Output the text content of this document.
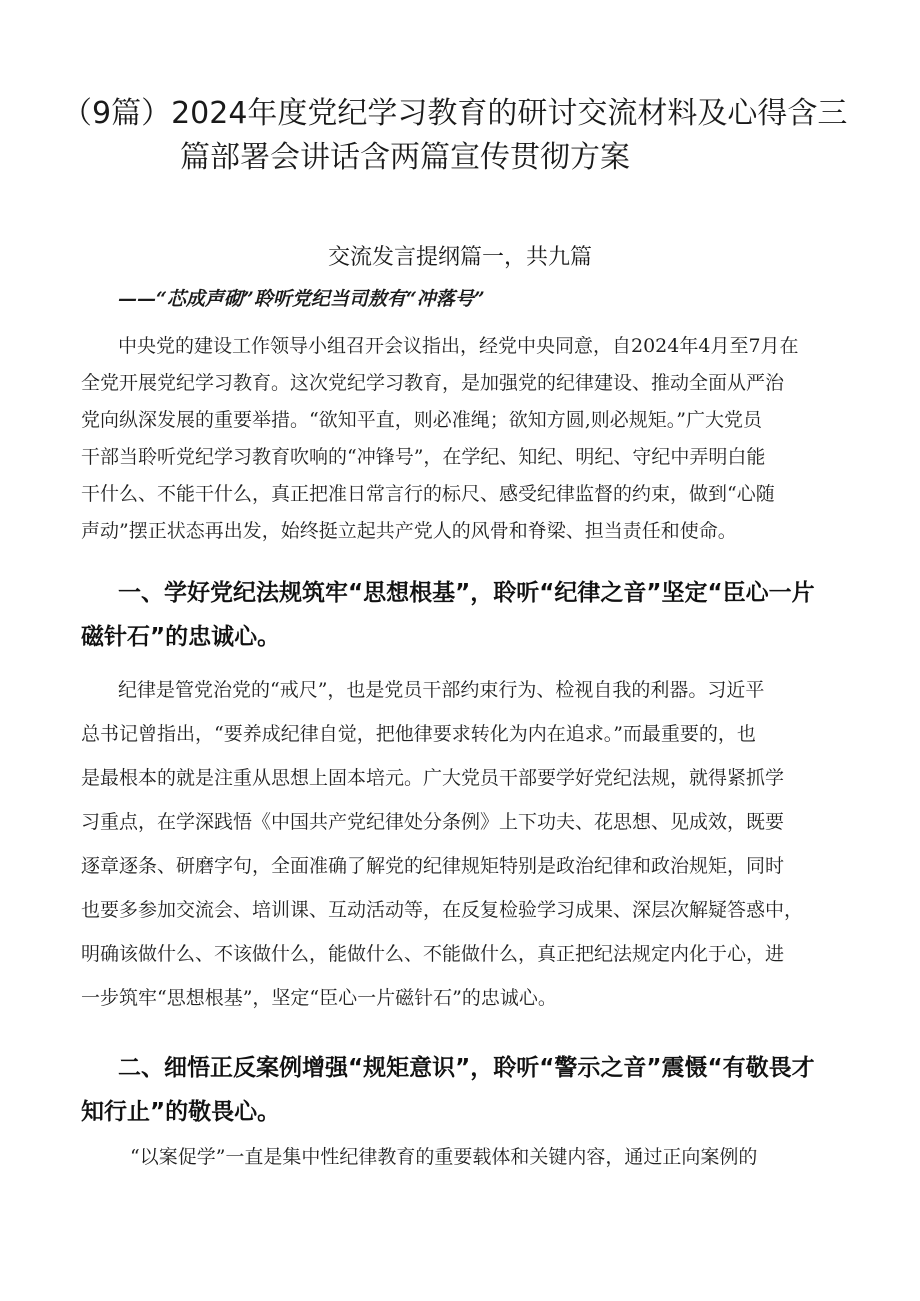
（9篇）2024年度党纪学习教育的研讨交流材料及心得含三
篇部署会讲话含两篇宣传贯彻方案
交流发言提纲篇一，共九篇

——“芯成声砌”聆听党纪当司敖有“冲落号”

中央党的建设工作领导小组召开会议指出，经党中央同意，自2024年4月至7月在

全党开展党纪学习教育。这次党纪学习教育，是加强党的纪律建设、推动全面从严治

党向纵深发展的重要举措。“欲知平直，则必准绳；欲知方圆,则必规矩。”广大党员

干部当聆听党纪学习教育吹响的“冲锋号”，在学纪、知纪、明纪、守纪中弄明白能

干什么、不能干什么，真正把准日常言行的标尺、感受纪律监督的约束，做到“心随

声动”摆正状态再出发，始终挺立起共产党人的风骨和脊梁、担当责任和使命。

一、学好党纪法规筑牢“思想根基”，聆听“纪律之音”坚定“臣心一片
磁针石”的忠诚心。

纪律是管党治党的“戒尺”，也是党员干部约束行为、检视自我的利器。习近平

总书记曾指出，“要养成纪律自觉，把他律要求转化为内在追求。”而最重要的，也

是最根本的就是注重从思想上固本培元。广大党员干部要学好党纪法规，就得紧抓学

习重点，在学深践悟《中国共产党纪律处分条例》上下功夫、花思想、见成效，既要

逐章逐条、研磨字句，全面准确了解党的纪律规矩特别是政治纪律和政治规矩，同时

也要多参加交流会、培训课、互动活动等，在反复检验学习成果、深层次解疑答惑中，

明确该做什么、不该做什么，能做什么、不能做什么，真正把纪法规定内化于心，进

一步筑牢“思想根基”，坚定“臣心一片磁针石”的忠诚心。

二、细悟正反案例增强“规矩意识”，聆听“警示之音”震慑“有敬畏才
知行止”的敬畏心。

“以案促学”一直是集中性纪律教育的重要载体和关键内容，通过正向案例的
